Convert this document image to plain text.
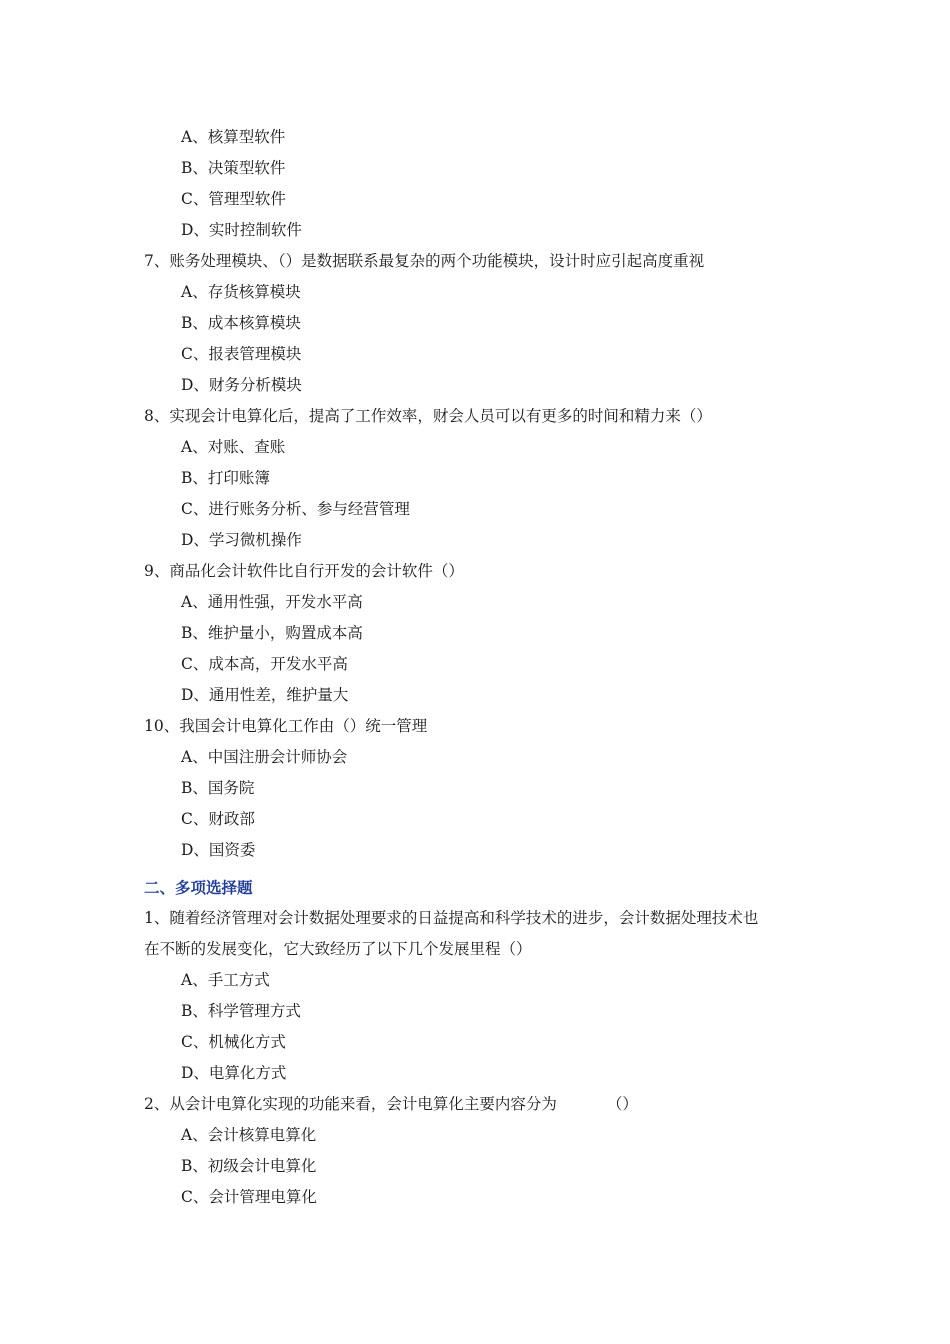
A、核算型软件
B、决策型软件
C、管理型软件
D、实时控制软件
7、账务处理模块、（）是数据联系最复杂的两个功能模块，设计时应引起高度重视
A、存货核算模块
B、成本核算模块
C、报表管理模块
D、财务分析模块
8、实现会计电算化后，提高了工作效率，财会人员可以有更多的时间和精力来（）
A、对账、查账
B、打印账簿
C、进行账务分析、参与经营管理
D、学习微机操作
9、商品化会计软件比自行开发的会计软件（）
A、通用性强，开发水平高
B、维护量小，购置成本高
C、成本高，开发水平高
D、通用性差，维护量大
10、我国会计电算化工作由（）统一管理
A、中国注册会计师协会
B、国务院
C、财政部
D、国资委
二、多项选择题
1、随着经济管理对会计数据处理要求的日益提高和科学技术的进步，会计数据处理技术也
在不断的发展变化，它大致经历了以下几个发展里程（）
A、手工方式
B、科学管理方式
C、机械化方式
D、电算化方式
2、从会计电算化实现的功能来看，会计电算化主要内容分为	（）
A、会计核算电算化
B、初级会计电算化
C、会计管理电算化
